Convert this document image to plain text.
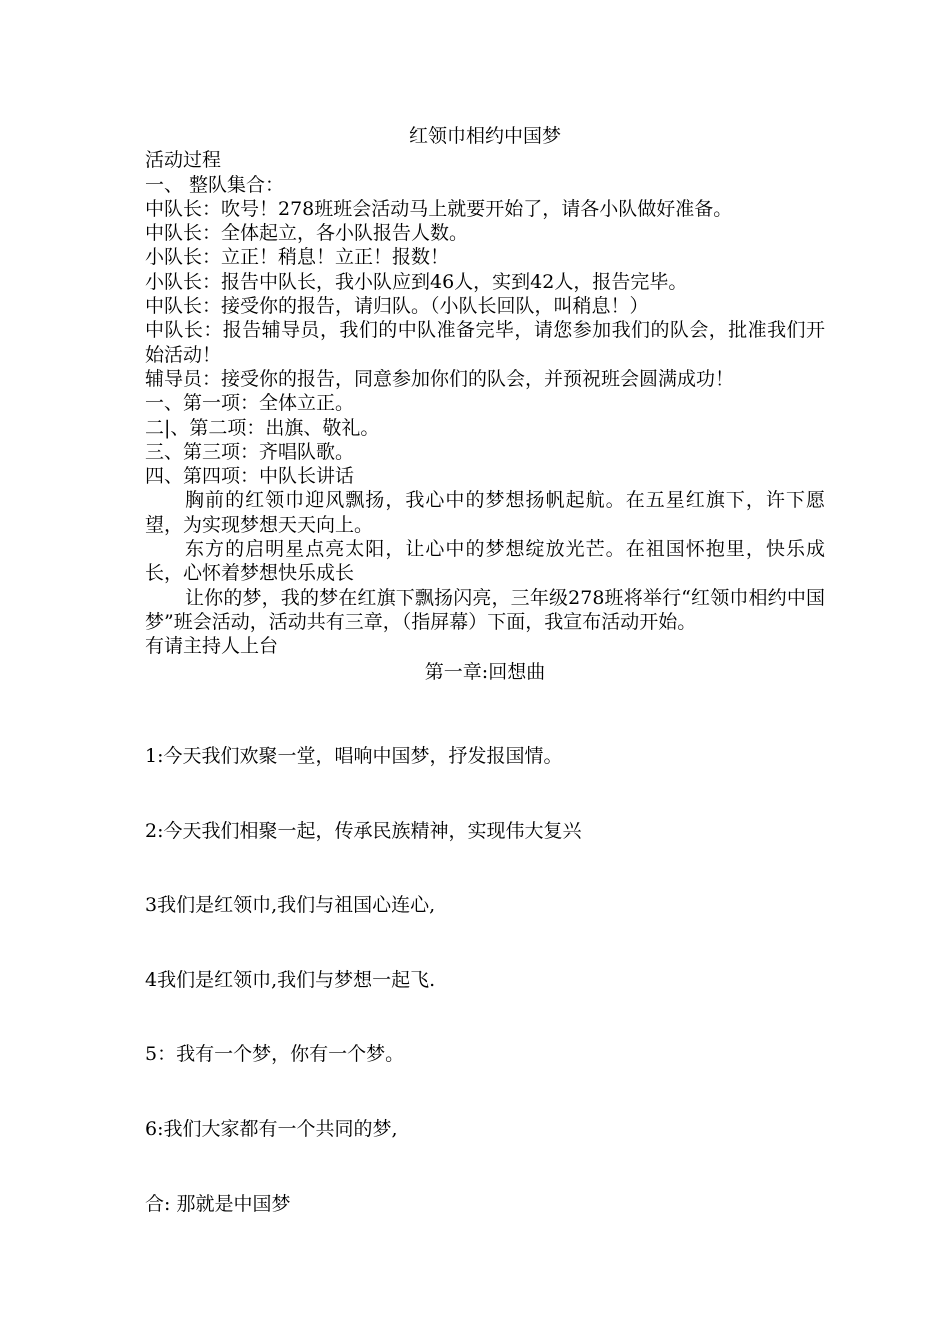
红领巾相约中国梦

活动过程

一、 整队集合：

中队长：吹号！278班班会活动马上就要开始了，请各小队做好准备。

中队长：全体起立，各小队报告人数。

小队长：立正！稍息！立正！报数！

小队长：报告中队长，我小队应到46人，实到42人，报告完毕。

中队长：接受你的报告，请归队。（小队长回队，叫稍息！）

中队长：报告辅导员，我们的中队准备完毕，请您参加我们的队会，批准我们开始活动！

辅导员：接受你的报告，同意参加你们的队会，并预祝班会圆满成功！

一、第一项：全体立正。

二|、第二项：出旗、敬礼。

三、第三项：齐唱队歌。

四、第四项：中队长讲话

胸前的红领巾迎风飘扬，我心中的梦想扬帆起航。在五星红旗下，许下愿望，为实现梦想天天向上。

东方的启明星点亮太阳，让心中的梦想绽放光芒。在祖国怀抱里，快乐成长，心怀着梦想快乐成长

让你的梦，我的梦在红旗下飘扬闪亮，三年级278班将举行“红领巾相约中国梦”班会活动，活动共有三章，（指屏幕）下面，我宣布活动开始。

有请主持人上台

第一章:回想曲

1:今天我们欢聚一堂，唱响中国梦，抒发报国情。

2:今天我们相聚一起，传承民族精神，实现伟大复兴

3我们是红领巾,我们与祖国心连心,

4我们是红领巾,我们与梦想一起飞.

5：我有一个梦，你有一个梦。

6:我们大家都有一个共同的梦,

合: 那就是中国梦
